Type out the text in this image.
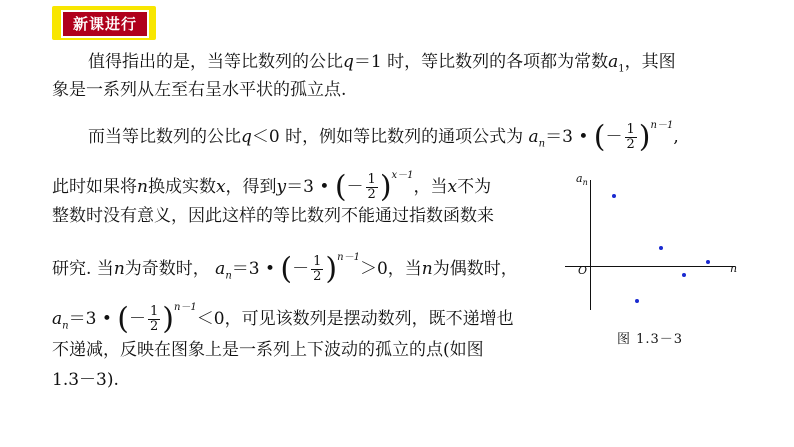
新课进行
值得指出的是，当等比数列的公比q＝1 时，等比数列的各项都为常数$a_1$，其图
象是一系列从左至右呈水平状的孤立点.
而当等比数列的公比q＜0 时，例如等比数列的通项公式为 $a_n=3$ • (－ $\frac{1}{2} )^{n-1}$,
此时如果将n换成实数x，得到y＝3 • (－ $\frac{1}{2} )^{x-1}$，当x不为
整数时没有意义，因此这样的等比数列不能通过指数函数来
研究. 当n为奇数时， $a_n=3$ • (－ $\frac{1}{2} )^{n-1}>0$，当n为偶数时，
$a_n=3$ • (－ $\frac{1}{2} )^{n-1}<0$，可见该数列是摆动数列，既不递增也
不递减，反映在图象上是一系列上下波动的孤立的点(如图
1.3－3).
$a_n$
n
O
图 1.3－3
